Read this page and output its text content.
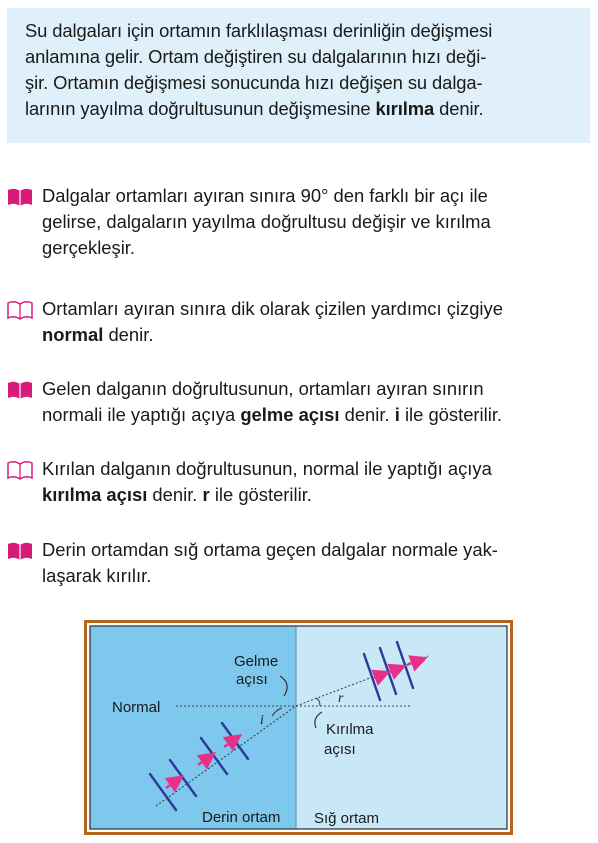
Su dalgaları için ortamın farklılaşması derinliğin değişmesi
anlamına gelir. Ortam değiştiren su dalgalarının hızı deği-
şir. Ortamın değişmesi sonucunda hızı değişen su dalga-
larının yayılma doğrultusunun değişmesine kırılma denir.

Dalgalar ortamları ayıran sınıra 90° den farklı bir açı ile
gelirse, dalgaların yayılma doğrultusu değişir ve kırılma
gerçekleşir.
Ortamları ayıran sınıra dik olarak çizilen yardımcı çizgiye
normal denir.
Gelen dalganın doğrultusunun, ortamları ayıran sınırın
normali ile yaptığı açıya gelme açısı denir. i ile gösterilir.
Kırılan dalganın doğrultusunun, normal ile yaptığı açıya
kırılma açısı denir. r ile gösterilir.
Derin ortamdan sığ ortama geçen dalgalar normale yak-
laşarak kırılır.
Normal
Gelme
açısı
i
r
Kırılma
açısı
Derin ortam Sığ ortam
